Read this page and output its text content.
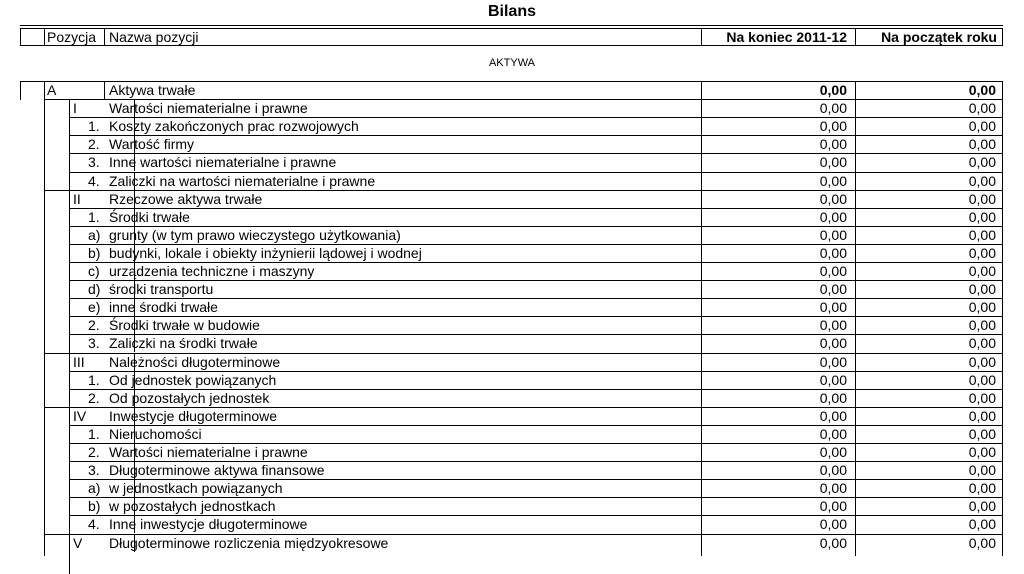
Bilans
Pozycja Nazwa pozycji	Na koniec 2011-12	Na początek roku
AKTYWA
A	Aktywa trwałe	0,00	0,00
I Wartości niematerialne i prawne	0,00	0,00
1. Koszty zakończonych prac rozwojowych	0,00	0,00
2. Wartość firmy	0,00	0,00
3. Inne wartości niematerialne i prawne	0,00	0,00
4. Zaliczki na wartości niematerialne i prawne	0,00	0,00
II Rzeczowe aktywa trwałe	0,00	0,00
1. Środki trwałe	0,00	0,00
a) grunty (w tym prawo wieczystego użytkowania)	0,00	0,00
b) budynki, lokale i obiekty inżynierii lądowej i wodnej	0,00	0,00
c) urządzenia techniczne i maszyny	0,00	0,00
d) środki transportu	0,00	0,00
e) inne środki trwałe	0,00	0,00
2. Środki trwałe w budowie	0,00	0,00
3. Zaliczki na środki trwałe	0,00	0,00
III Należności długoterminowe	0,00	0,00
1. Od jednostek powiązanych	0,00	0,00
2. Od pozostałych jednostek	0,00	0,00
IV Inwestycje długoterminowe	0,00	0,00
1. Nieruchomości	0,00	0,00
2. Wartości niematerialne i prawne	0,00	0,00
3. Długoterminowe aktywa finansowe	0,00	0,00
a) w jednostkach powiązanych	0,00	0,00
b) w pozostałych jednostkach	0,00	0,00
4. Inne inwestycje długoterminowe	0,00	0,00
V Długoterminowe rozliczenia międzyokresowe	0,00	0,00
